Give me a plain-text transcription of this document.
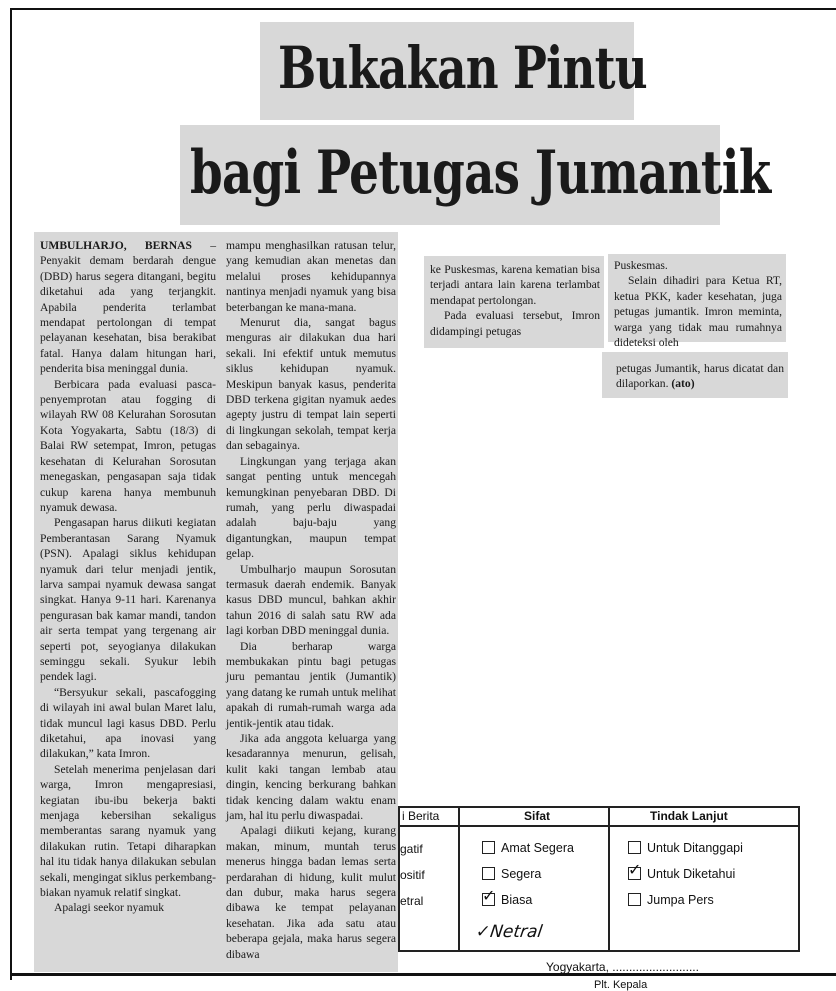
Bukakan Pintu
bagi Petugas Jumantik

UMBULHARJO, BERNAS – Penyakit demam berdarah dengue (DBD) harus segera ditangani, begitu diketahui ada yang terjangkit. Apabila penderita terlambat mendapat pertolongan di tempat pelayanan kesehatan, bisa berakibat fatal. Hanya dalam hitungan hari, penderita bisa meninggal dunia.

Berbicara pada evaluasi pasca-penyemprotan atau fogging di wilayah RW 08 Kelurahan Sorosutan Kota Yogyakarta, Sabtu (18/3) di Balai RW setempat, Imron, petugas kesehatan di Kelurahan Sorosutan menegaskan, pengasapan saja tidak cukup karena hanya membunuh nyamuk dewasa.

Pengasapan harus diikuti kegiatan Pemberantasan Sarang Nyamuk (PSN). Apalagi siklus kehidupan nyamuk dari telur menjadi jentik, larva sampai nyamuk dewasa sangat singkat. Hanya 9-11 hari. Karenanya pengurasan bak kamar mandi, tandon air serta tempat yang tergenang air seperti pot, seyogianya dilakukan seminggu sekali. Syukur lebih pendek lagi.

“Bersyukur sekali, pascafogging di wilayah ini awal bulan Maret lalu, tidak muncul lagi kasus DBD. Perlu diketahui, apa inovasi yang dilakukan,” kata Imron.

Setelah menerima penjelasan dari warga, Imron mengapresiasi, kegiatan ibu-ibu bekerja bakti menjaga kebersihan sekaligus memberantas sarang nyamuk yang dilakukan rutin. Tetapi diharapkan hal itu tidak hanya dilakukan sebulan sekali, mengingat siklus perkembang-biakan nyamuk relatif singkat.

Apalagi seekor nyamuk

mampu menghasilkan ratusan telur, yang kemudian akan menetas dan melalui proses kehidupannya nantinya menjadi nyamuk yang bisa beterbangan ke mana-mana.

Menurut dia, sangat bagus menguras air dilakukan dua hari sekali. Ini efektif untuk memutus siklus kehidupan nyamuk. Meskipun banyak kasus, penderita DBD terkena gigitan nyamuk aedes agepty justru di tempat lain seperti di lingkungan sekolah, tempat kerja dan sebagainya.

Lingkungan yang terjaga akan sangat penting untuk mencegah kemungkinan penyebaran DBD. Di rumah, yang perlu diwaspadai adalah baju-baju yang digantungkan, maupun tempat gelap.

Umbulharjo maupun Sorosutan termasuk daerah endemik. Banyak kasus DBD muncul, bahkan akhir tahun 2016 di salah satu RW ada lagi korban DBD meninggal dunia.

Dia berharap warga membukakan pintu bagi petugas juru pemantau jentik (Jumantik) yang datang ke rumah untuk melihat apakah di rumah-rumah warga ada jentik-jentik atau tidak.

Jika ada anggota keluarga yang kesadarannya menurun, gelisah, kulit kaki tangan lembab atau dingin, kencing berkurang bahkan tidak kencing dalam waktu enam jam, hal itu perlu diwaspadai.

Apalagi diikuti kejang, kurang makan, minum, muntah terus menerus hingga badan lemas serta perdarahan di hidung, kulit mulut dan dubur, maka harus segera dibawa ke tempat pelayanan kesehatan. Jika ada satu atau beberapa gejala, maka harus segera dibawa

ke Puskesmas, karena kematian bisa terjadi antara lain karena terlambat mendapat pertolongan.

Pada evaluasi tersebut, Imron didampingi petugas

Puskesmas.

Selain dihadiri para Ketua RT, ketua PKK, kader kesehatan, juga petugas jumantik. Imron meminta, warga yang tidak mau rumahnya dideteksi oleh

petugas Jumantik, harus dicatat dan dilaporkan. (ato)

i Berita	Sifat	Tindak Lanjut
gatif
ositif
etral
Amat Segera
Segera
✓ Biasa
Untuk Ditanggapi
✓ Untuk Diketahui
Jumpa Pers
✓Netral
Yogyakarta, ..........................
Plt. Kepala
